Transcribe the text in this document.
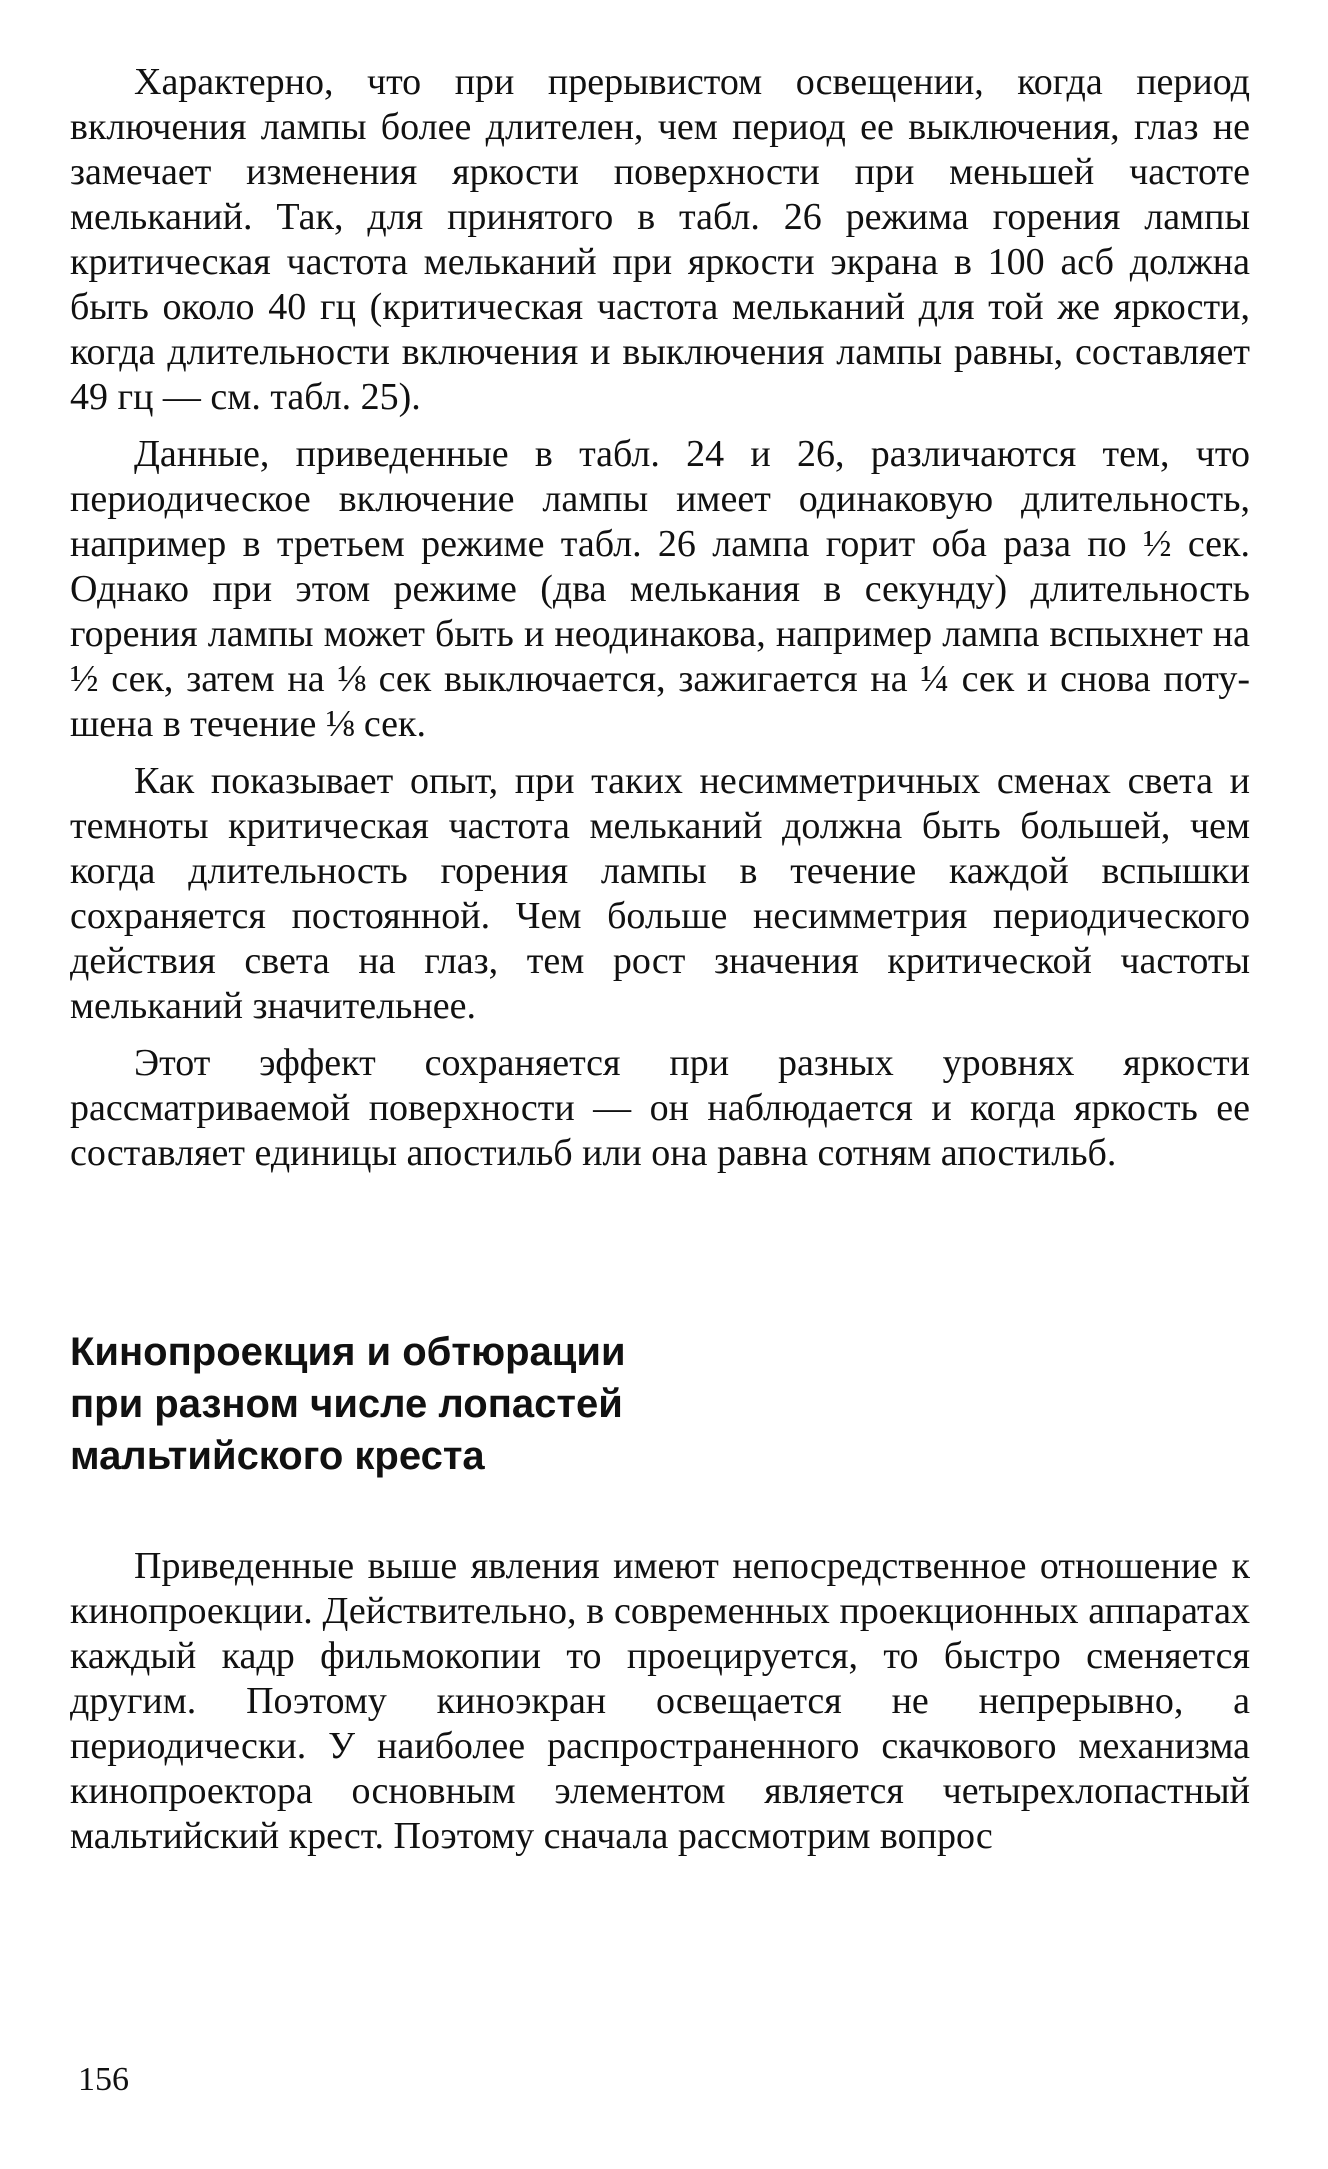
Характерно, что при прерывистом освещении, когда период включения лампы более длителен, чем период ее выключения, глаз не замечает изменения яркости поверхности при меньшей частоте мельканий. Так, для принятого в табл. 26 режима горения лампы критическая частота мельканий при яркости экрана в 100 асб должна быть около 40 гц (критическая частота мельканий для той же яркости, когда длительности включения и выключения лампы равны, составляет 49 гц — см. табл. 25).

Данные, приведенные в табл. 24 и 26, различаются тем, что периодическое включение лампы имеет одинаковую длительность, например в третьем режиме табл. 26 лампа горит оба раза по ½ сек. Однако при этом режиме (два мелькания в секунду) длительность горения лампы может быть и неодинакова, например лампа вспыхнет на ½ сек, затем на ⅛ сек выключается, зажигается на ¼ сек и снова потушена в течение ⅛ сек.

Как показывает опыт, при таких несимметричных сменах света и темноты критическая частота мельканий должна быть большей, чем когда длительность горения лампы в течение каждой вспышки сохраняется постоянной. Чем больше несимметрия периодического действия света на глаз, тем рост значения критической частоты мельканий значительнее.

Этот эффект сохраняется при разных уровнях яркости рассматриваемой поверхности — он наблюдается и когда яркость ее составляет единицы апостильб или она равна сотням апостильб.

Кинопроекция и обтюрации
при разном числе лопастей
мальтийского креста

Приведенные выше явления имеют непосредственное отношение к кинопроекции. Действительно, в современных проекционных аппаратах каждый кадр фильмокопии то проецируется, то быстро сменяется другим. Поэтому киноэкран освещается не непрерывно, а периодически. У наиболее распространенного скачкового механизма кинопроектора основным элементом является четырехлопастный мальтийский крест. Поэтому сначала рассмотрим вопрос

156
